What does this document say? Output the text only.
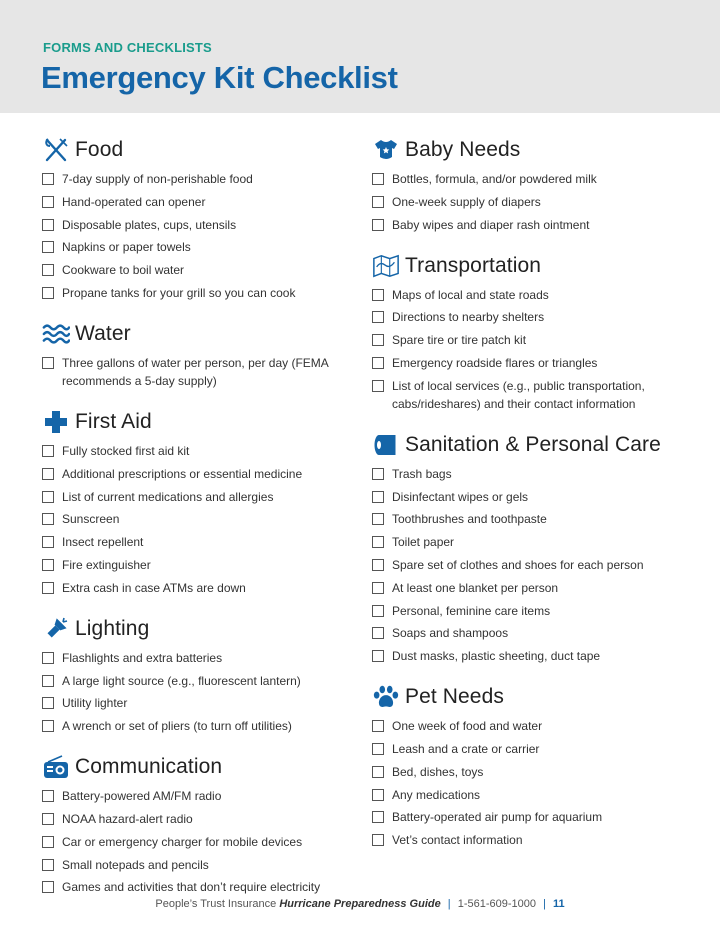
FORMS AND CHECKLISTS
Emergency Kit Checklist
Food
7-day supply of non-perishable food
Hand-operated can opener
Disposable plates, cups, utensils
Napkins or paper towels
Cookware to boil water
Propane tanks for your grill so you can cook
Water
Three gallons of water per person, per day (FEMA recommends a 5-day supply)
First Aid
Fully stocked first aid kit
Additional prescriptions or essential medicine
List of current medications and allergies
Sunscreen
Insect repellent
Fire extinguisher
Extra cash in case ATMs are down
Lighting
Flashlights and extra batteries
A large light source (e.g., fluorescent lantern)
Utility lighter
A wrench or set of pliers (to turn off utilities)
Communication
Battery-powered AM/FM radio
NOAA hazard-alert radio
Car or emergency charger for mobile devices
Small notepads and pencils
Games and activities that don’t require electricity
Baby Needs
Bottles, formula, and/or powdered milk
One-week supply of diapers
Baby wipes and diaper rash ointment
Transportation
Maps of local and state roads
Directions to nearby shelters
Spare tire or tire patch kit
Emergency roadside flares or triangles
List of local services (e.g., public transportation, cabs/rideshares) and their contact information
Sanitation & Personal Care
Trash bags
Disinfectant wipes or gels
Toothbrushes and toothpaste
Toilet paper
Spare set of clothes and shoes for each person
At least one blanket per person
Personal, feminine care items
Soaps and shampoos
Dust masks, plastic sheeting, duct tape
Pet Needs
One week of food and water
Leash and a crate or carrier
Bed, dishes, toys
Any medications
Battery-operated air pump for aquarium
Vet’s contact information
People’s Trust Insurance Hurricane Preparedness Guide | 1-561-609-1000 | 11
